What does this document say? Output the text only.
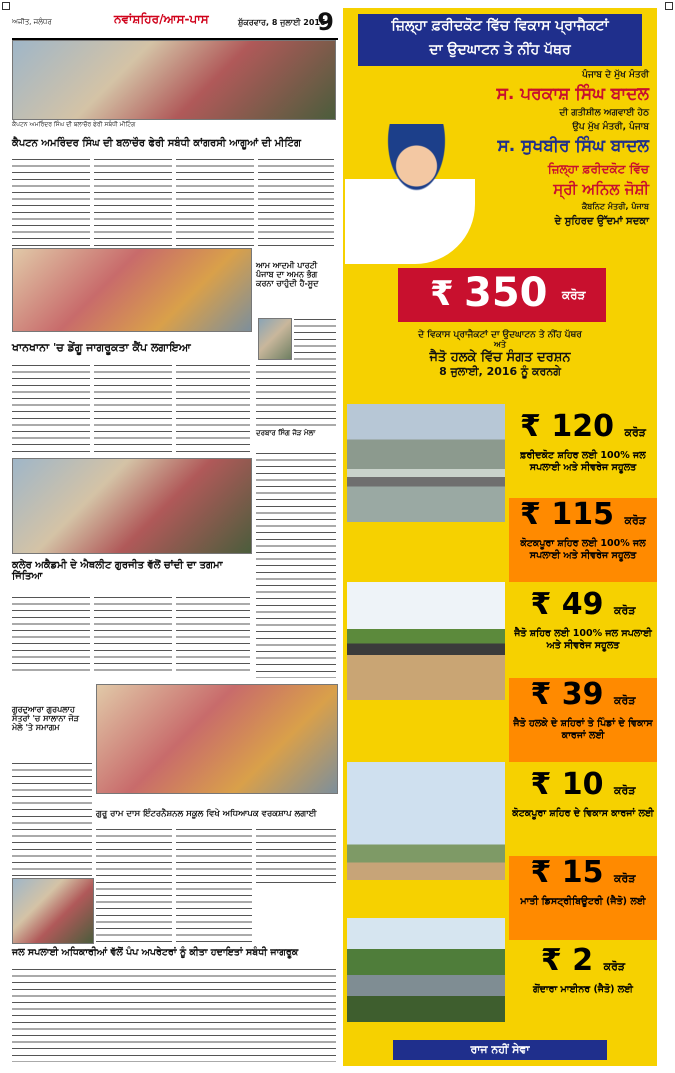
ਅਜੀਤ, ਜਲੰਧਰ	ਨਵਾਂਸ਼ਹਿਰ/ਆਸ-ਪਾਸ	ਸ਼ੁੱਕਰਵਾਰ, 8 ਜੁਲਾਈ 2016
9
ਕੈਪਟਨ ਅਮਰਿੰਦਰ ਸਿੰਘ ਦੀ ਬਲਾਚੌਰ ਫੇਰੀ ਸਬੰਧੀ ਮੀਟਿੰਗ
ਕੈਪਟਨ ਅਮਰਿੰਦਰ ਸਿੰਘ ਦੀ ਬਲਾਚੌਰ ਫੇਰੀ ਸਬੰਧੀ ਕਾਂਗਰਸੀ ਆਗੂਆਂ ਦੀ ਮੀਟਿੰਗ
ਆਮ ਆਦਮੀ ਪਾਰਟੀ ਪੰਜਾਬ ਦਾ ਅਮਨ ਭੰਗ ਕਰਨਾ ਚਾਹੁੰਦੀ ਹੈ-ਸੂਦ
ਖਾਨਖਾਨਾ 'ਚ ਡੇਂਗੂ ਜਾਗਰੂਕਤਾ ਕੈਂਪ ਲਗਾਇਆ
ਦਰਬਾਰ ਸਿੰਗ ਜੋੜ ਮੇਲਾ
ਕਲੇਰ ਅਕੈਡਮੀ ਦੇ ਐਥਲੀਟ ਗੁਰਜੀਤ ਵੱਲੋਂ ਚਾਂਦੀ ਦਾ ਤਗਮਾ ਜਿੱਤਿਆ
ਗੁਰਦੁਆਰਾ ਗੁਰਪਲਾਹ ਸੋਤਰਾਂ 'ਚ ਸਾਲਾਨਾ ਜੋੜ ਮੇਲੇ 'ਤੇ ਸਮਾਗਮ
ਗੁਰੂ ਰਾਮ ਦਾਸ ਇੰਟਰਨੈਸ਼ਨਲ ਸਕੂਲ ਵਿਖੇ ਅਧਿਆਪਕ ਵਰਕਸ਼ਾਪ ਲਗਾਈ
ਜਲ ਸਪਲਾਈ ਅਧਿਕਾਰੀਆਂ ਵੱਲੋਂ ਪੰਪ ਅਪਰੇਟਰਾਂ ਨੂੰ ਕੀਤਾ ਹਦਾਇਤਾਂ ਸਬੰਧੀ ਜਾਗਰੂਕ
ਜ਼ਿਲ੍ਹਾ ਫ਼ਰੀਦਕੋਟ ਵਿੱਚ ਵਿਕਾਸ ਪ੍ਰਾਜੈਕਟਾਂ
ਦਾ ਉਦਘਾਟਨ ਤੇ ਨੀਂਹ ਪੱਥਰ
ਪੰਜਾਬ ਦੇ ਮੁੱਖ ਮੰਤਰੀ
ਸ. ਪਰਕਾਸ਼ ਸਿੰਘ ਬਾਦਲ
ਦੀ ਗਤੀਸ਼ੀਲ ਅਗਵਾਈ ਹੇਠ
ਉਪ ਮੁੱਖ ਮੰਤਰੀ, ਪੰਜਾਬ
ਸ. ਸੁਖਬੀਰ ਸਿੰਘ ਬਾਦਲ
ਜ਼ਿਲ੍ਹਾ ਫ਼ਰੀਦਕੋਟ ਵਿੱਚ
ਸ੍ਰੀ ਅਨਿਲ ਜੋਸ਼ੀ
ਕੈਬਨਿਟ ਮੰਤਰੀ, ਪੰਜਾਬ
ਦੇ ਸੁਹਿਰਦ ਉੱਦਮਾਂ ਸਦਕਾ
₹ 350 ਕਰੋੜ
ਦੇ ਵਿਕਾਸ ਪ੍ਰਾਜੈਕਟਾਂ ਦਾ ਉਦਘਾਟਨ ਤੇ ਨੀਂਹ ਪੱਥਰ
ਅਤੇ
ਜੈਤੋ ਹਲਕੇ ਵਿੱਚ ਸੰਗਤ ਦਰਸ਼ਨ
8 ਜੁਲਾਈ, 2016 ਨੂੰ ਕਰਨਗੇ
₹ 120 ਕਰੋੜ
ਫ਼ਰੀਦਕੋਟ ਸ਼ਹਿਰ ਲਈ 100% ਜਲ ਸਪਲਾਈ ਅਤੇ ਸੀਵਰੇਜ ਸਹੂਲਤ
₹ 115 ਕਰੋੜ
ਕੋਟਕਪੂਰਾ ਸ਼ਹਿਰ ਲਈ 100% ਜਲ ਸਪਲਾਈ ਅਤੇ ਸੀਵਰੇਜ ਸਹੂਲਤ
₹ 49 ਕਰੋੜ
ਜੈਤੋ ਸ਼ਹਿਰ ਲਈ 100% ਜਲ ਸਪਲਾਈ ਅਤੇ ਸੀਵਰੇਜ ਸਹੂਲਤ
₹ 39 ਕਰੋੜ
ਜੈਤੋ ਹਲਕੇ ਦੇ ਸ਼ਹਿਰਾਂ ਤੇ ਪਿੰਡਾਂ ਦੇ ਵਿਕਾਸ ਕਾਰਜਾਂ ਲਈ
₹ 10 ਕਰੋੜ
ਕੋਟਕਪੂਰਾ ਸ਼ਹਿਰ ਦੇ ਵਿਕਾਸ ਕਾਰਜਾਂ ਲਈ
₹ 15 ਕਰੋੜ
ਮਾਤੀ ਡਿਸਟ੍ਰੀਬਿਊਟਰੀ (ਜੈਤੋ) ਲਈ
₹ 2 ਕਰੋੜ
ਗੋਂਦਾਰਾ ਮਾਈਨਰ (ਜੈਤੋ) ਲਈ
ਰਾਜ ਨਹੀਂ ਸੇਵਾ
